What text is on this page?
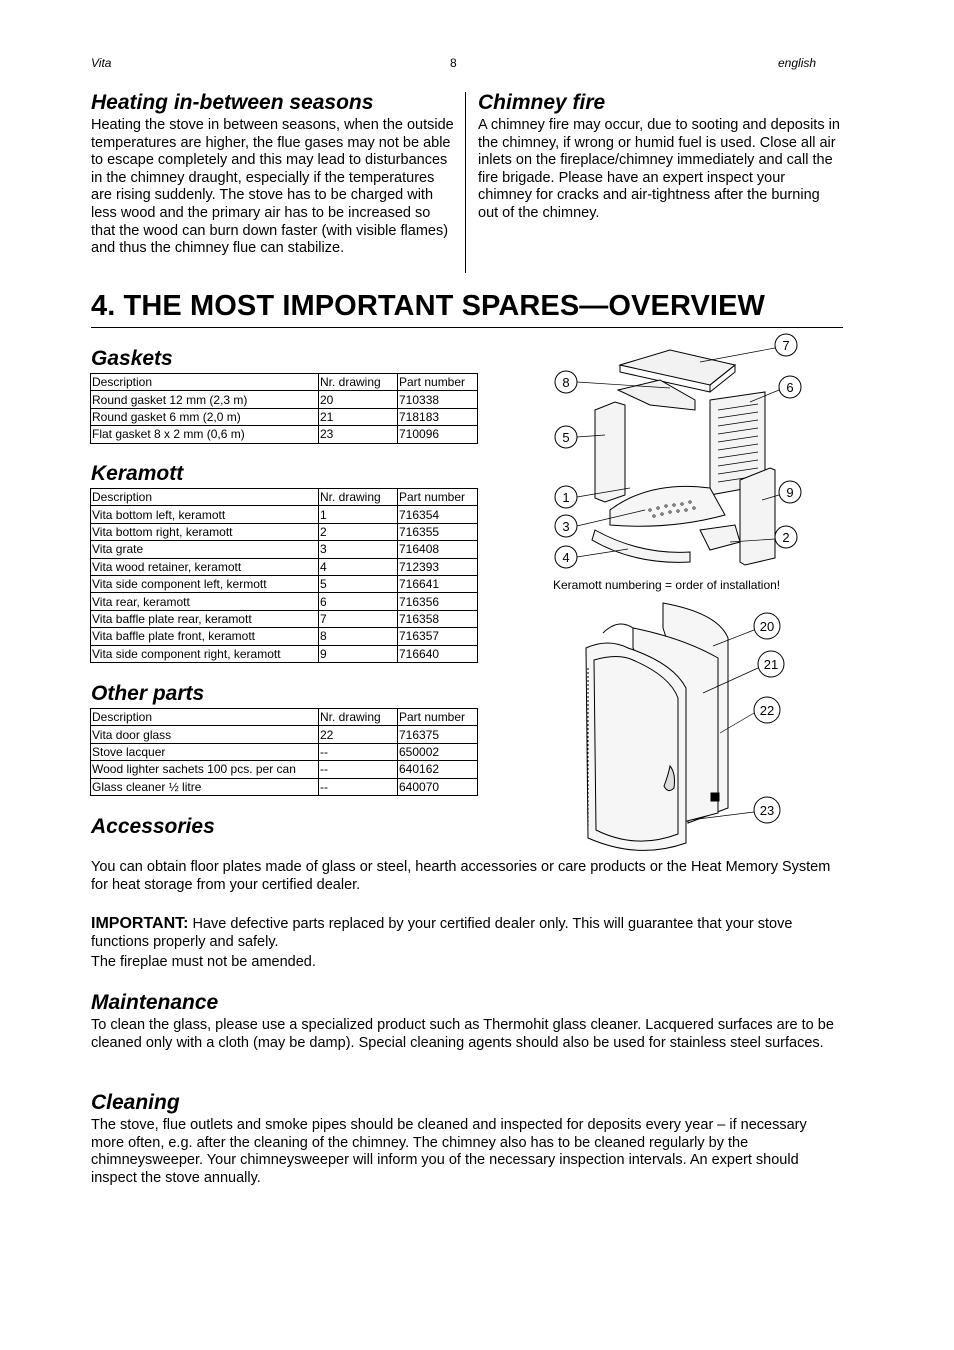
Vita	8	english
Heating in-between seasons

Heating the stove in between seasons, when the outside temperatures are higher, the flue gases may not be able to escape completely and this may lead to disturbances in the chimney draught, especially if the temperatures are rising suddenly. The stove has to be charged with less wood and the primary air has to be increased so that the wood can burn down faster (with visible flames) and thus the chimney flue can stabilize.

Chimney fire

A chimney fire may occur, due to sooting and deposits in the chimney, if wrong or humid fuel is used. Close all air inlets on the fireplace/chimney immediately and call the fire brigade. Please have an expert inspect your chimney for cracks and air-tightness after the burning out of the chimney.

4. THE MOST IMPORTANT SPARES—OVERVIEW
Gaskets
Description	Nr. drawing	Part number
Round gasket 12 mm (2,3 m)	20	710338
Round gasket 6 mm (2,0 m)	21	718183
Flat gasket 8 x 2 mm (0,6 m)	23	710096
Keramott
Description	Nr. drawing	Part number
Vita bottom left, keramott	1	716354
Vita bottom right, keramott	2	716355
Vita grate	3	716408
Vita wood retainer, keramott	4	712393
Vita side component left, kermott	5	716641
Vita rear, keramott	6	716356
Vita baffle plate rear, keramott	7	716358
Vita baffle plate front, keramott	8	716357
Vita side component right, keramott	9	716640
Other parts
Description	Nr. drawing	Part number
Vita door glass	22	716375
Stove lacquer	--	650002
Wood lighter sachets 100 pcs. per can	--	640162
Glass cleaner ½ litre	--	640070
7
8	6
5
9
1
3
2
4
Keramott numbering = order of installation!
20
21
22
23
Accessories

You can obtain floor plates made of glass or steel, hearth accessories or care products or the Heat Memory System for heat storage from your certified dealer.

IMPORTANT: Have defective parts replaced by your certified dealer only. This will guarantee that your stove functions properly and safely.

The fireplae must not be amended.

Maintenance

To clean the glass, please use a specialized product such as Thermohit glass cleaner. Lacquered surfaces are to be cleaned only with a cloth (may be damp). Special cleaning agents should also be used for stainless steel surfaces.

Cleaning

The stove, flue outlets and smoke pipes should be cleaned and inspected for deposits every year – if necessary more often, e.g. after the cleaning of the chimney. The chimney also has to be cleaned regularly by the chimneysweeper. Your chimneysweeper will inform you of the necessary inspection intervals. An expert should inspect the stove annually.
